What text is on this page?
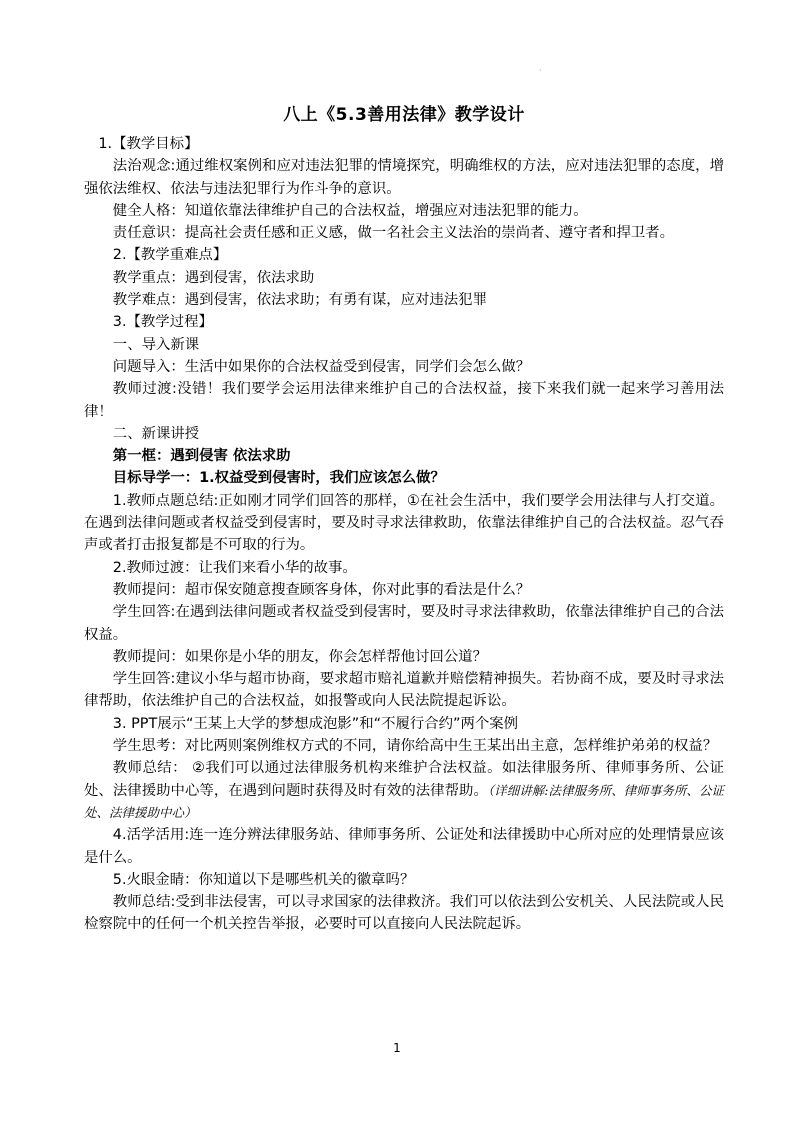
·
八上《5.3善用法律》教学设计

1.【教学目标】

法治观念:通过维权案例和应对违法犯罪的情境探究，明确维权的方法，应对违法犯罪的态度，增强依法维权、依法与违法犯罪行为作斗争的意识。

健全人格：知道依靠法律维护自己的合法权益，增强应对违法犯罪的能力。

责任意识：提高社会责任感和正义感，做一名社会主义法治的崇尚者、遵守者和捍卫者。

2.【教学重难点】

教学重点：遇到侵害，依法求助

教学难点：遇到侵害，依法求助；有勇有谋，应对违法犯罪

3.【教学过程】

一、导入新课

问题导入：生活中如果你的合法权益受到侵害，同学们会怎么做？

教师过渡:没错！我们要学会运用法律来维护自己的合法权益，接下来我们就一起来学习善用法律！

二、新课讲授

第一框：遇到侵害 依法求助

目标导学一：1.权益受到侵害时，我们应该怎么做？

1.教师点题总结:正如刚才同学们回答的那样，①在社会生活中，我们要学会用法律与人打交道。在遇到法律问题或者权益受到侵害时，要及时寻求法律救助，依靠法律维护自己的合法权益。忍气吞声或者打击报复都是不可取的行为。

2.教师过渡：让我们来看小华的故事。

教师提问：超市保安随意搜查顾客身体，你对此事的看法是什么？

学生回答:在遇到法律问题或者权益受到侵害时，要及时寻求法律救助，依靠法律维护自己的合法权益。

教师提问：如果你是小华的朋友，你会怎样帮他讨回公道？

学生回答:建议小华与超市协商，要求超市赔礼道歉并赔偿精神损失。若协商不成，要及时寻求法律帮助，依法维护自己的合法权益，如报警或向人民法院提起诉讼。

3. PPT展示“王某上大学的梦想成泡影”和“不履行合约”两个案例

学生思考：对比两则案例维权方式的不同，请你给高中生王某出出主意，怎样维护弟弟的权益？

教师总结： ②我们可以通过法律服务机构来维护合法权益。如法律服务所、律师事务所、公证处、法律援助中心等，在遇到问题时获得及时有效的法律帮助。（详细讲解:法律服务所、律师事务所、公证处、法律援助中心）

4.活学活用:连一连分辨法律服务站、律师事务所、公证处和法律援助中心所对应的处理情景应该是什么。

5.火眼金睛：你知道以下是哪些机关的徽章吗？

教师总结:受到非法侵害，可以寻求国家的法律救济。我们可以依法到公安机关、人民法院或人民检察院中的任何一个机关控告举报，必要时可以直接向人民法院起诉。

1
